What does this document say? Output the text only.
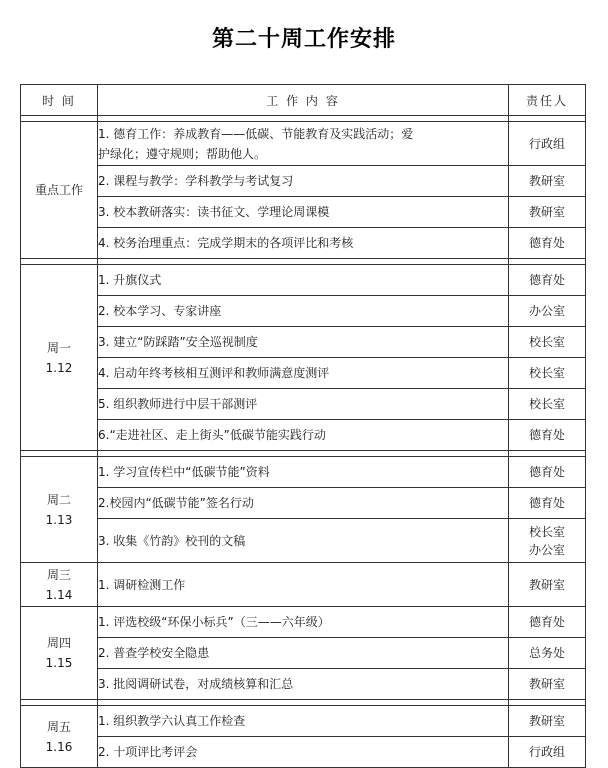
第二十周工作安排
时 间	工 作 内 容	责任人

重点工作	1. 德育工作：养成教育——低碳、节能教育及实践活动；爱
护绿化；遵守规则；帮助他人。	行政组
	2. 课程与教学：学科教学与考试复习	教研室
	3. 校本教研落实：读书征文、学理论周课模	教研室
	4. 校务治理重点：完成学期末的各项评比和考核	德育处

周一
1.12	1. 升旗仪式	德育处
	2. 校本学习、专家讲座	办公室
	3. 建立“防踩踏”安全巡视制度	校长室
	4. 启动年终考核相互测评和教师满意度测评	校长室
	5. 组织教师进行中层干部测评	校长室
	6.“走进社区、走上街头”低碳节能实践行动	德育处

周二
1.13	1. 学习宣传栏中“低碳节能”资料	德育处
	2.校园内“低碳节能”签名行动	德育处
	3. 收集《竹韵》校刊的文稿	校长室
办公室

周三
1.14	1. 调研检测工作	教研室

周四
1.15	1. 评选校级“环保小标兵”（三——六年级）	德育处
	2. 普查学校安全隐患	总务处
	3. 批阅调研试卷，对成绩核算和汇总	教研室

周五
1.16	1. 组织教学六认真工作检查	教研室
	2. 十项评比考评会	行政组
